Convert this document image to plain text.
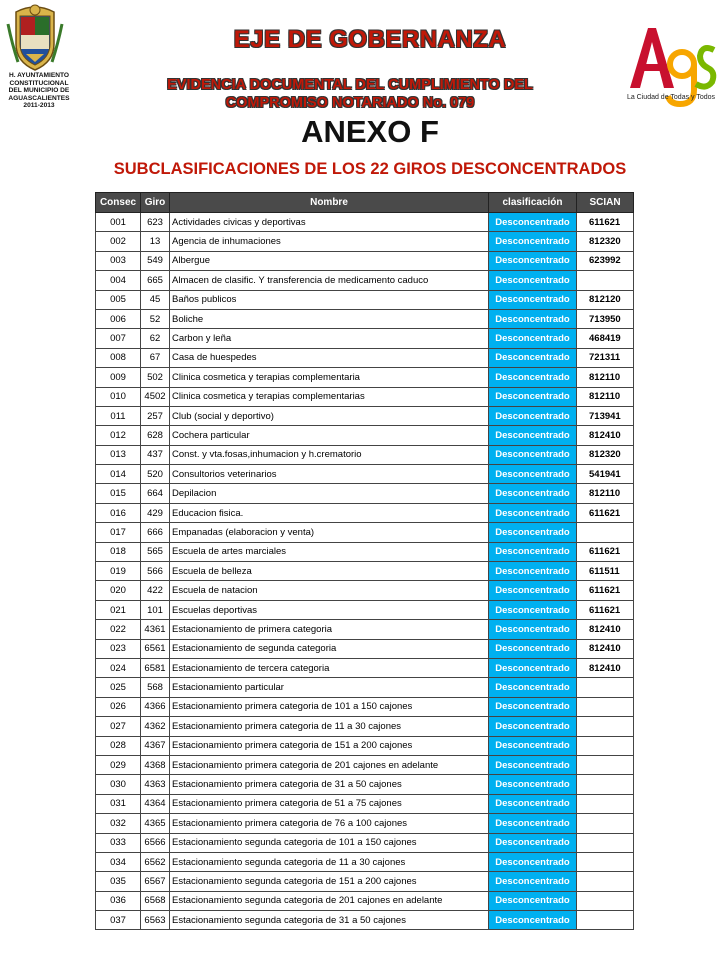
H. AYUNTAMIENTO
CONSTITUCIONAL
DEL MUNICIPIO DE
AGUASCALIENTES
2011-2013
EJE DE GOBERNANZA
EVIDENCIA DOCUMENTAL DEL CUMPLIMIENTO DEL
COMPROMISO NOTARIADO No. 079
ANEXO F
SUBCLASIFICACIONES DE LOS 22 GIROS DESCONCENTRADOS
La Ciudad de Todas y Todos
Consec	Giro	Nombre	clasificación	SCIAN
001	623	Actividades civicas y deportivas	Desconcentrado	611621
002	13	Agencia de inhumaciones	Desconcentrado	812320
003	549	Albergue	Desconcentrado	623992
004	665	Almacen de clasific. Y transferencia de medicamento caduco	Desconcentrado	
005	45	Baños publicos	Desconcentrado	812120
006	52	Boliche	Desconcentrado	713950
007	62	Carbon y leña	Desconcentrado	468419
008	67	Casa de huespedes	Desconcentrado	721311
009	502	Clinica cosmetica y terapias complementaria	Desconcentrado	812110
010	4502	Clinica cosmetica y terapias complementarias	Desconcentrado	812110
011	257	Club (social y deportivo)	Desconcentrado	713941
012	628	Cochera particular	Desconcentrado	812410
013	437	Const. y vta.fosas,inhumacion y h.crematorio	Desconcentrado	812320
014	520	Consultorios veterinarios	Desconcentrado	541941
015	664	Depilacion	Desconcentrado	812110
016	429	Educacion fisica.	Desconcentrado	611621
017	666	Empanadas (elaboracion y venta)	Desconcentrado	
018	565	Escuela de artes marciales	Desconcentrado	611621
019	566	Escuela de belleza	Desconcentrado	611511
020	422	Escuela de natacion	Desconcentrado	611621
021	101	Escuelas deportivas	Desconcentrado	611621
022	4361	Estacionamiento de primera categoria	Desconcentrado	812410
023	6561	Estacionamiento de segunda categoria	Desconcentrado	812410
024	6581	Estacionamiento de tercera categoria	Desconcentrado	812410
025	568	Estacionamiento particular	Desconcentrado	
026	4366	Estacionamiento primera categoria de 101 a 150 cajones	Desconcentrado	
027	4362	Estacionamiento primera categoria de 11 a 30 cajones	Desconcentrado	
028	4367	Estacionamiento primera categoria de 151 a 200 cajones	Desconcentrado	
029	4368	Estacionamiento primera categoria de 201 cajones en adelante	Desconcentrado	
030	4363	Estacionamiento primera categoria de 31 a 50 cajones	Desconcentrado	
031	4364	Estacionamiento primera categoria de 51 a 75 cajones	Desconcentrado	
032	4365	Estacionamiento primera categoria de 76 a 100 cajones	Desconcentrado	
033	6566	Estacionamiento segunda categoria de 101 a 150 cajones	Desconcentrado	
034	6562	Estacionamiento segunda categoria de 11 a 30 cajones	Desconcentrado	
035	6567	Estacionamiento segunda categoria de 151 a 200 cajones	Desconcentrado	
036	6568	Estacionamiento segunda categoria de 201 cajones en adelante	Desconcentrado	
037	6563	Estacionamiento segunda categoria de 31 a 50 cajones	Desconcentrado	
